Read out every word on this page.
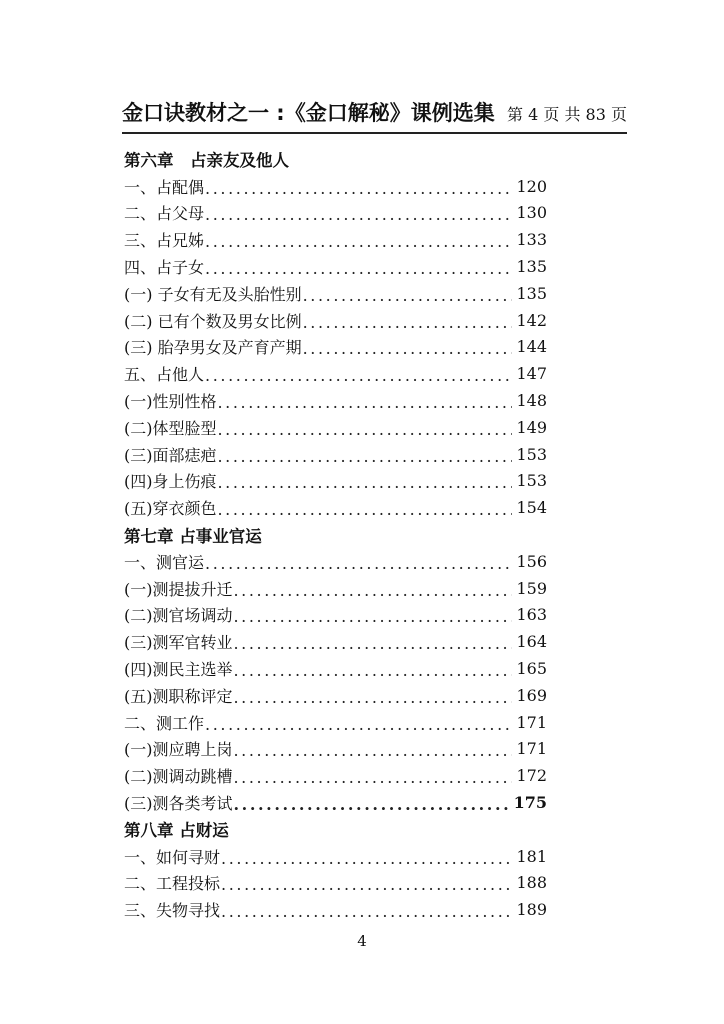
金口诀教材之一 :《金口解秘》课例选集 第 4 页 共 83 页
第六章　占亲友及他人
一、占配偶 .....	120
二、占父母 .....	130
三、占兄姊 .....	133
四、占子女 .....	135
(一) 子女有无及头胎性别 .....	135
(二) 已有个数及男女比例 .....	142
(三) 胎孕男女及产育产期 .....	144
五、占他人 .....	147
(一)性别性格 .....	148
(二)体型脸型 .....	149
(三)面部痣疤 .....	153
(四)身上伤痕 .....	153
(五)穿衣颜色 .....	154
第七章 占事业官运
一、测官运 .....	156
(一)测提拔升迁 .....	159
(二)测官场调动 .....	163
(三)测军官转业 .....	164
(四)测民主选举 .....	165
(五)测职称评定 .....	169
二、测工作 .....	171
(一)测应聘上岗 .....	171
(二)测调动跳槽 .....	172
(三)测各类考试 .....	175
第八章 占财运
一、如何寻财 .....	181
二、工程投标 .....	188
三、失物寻找 .....	189
4
